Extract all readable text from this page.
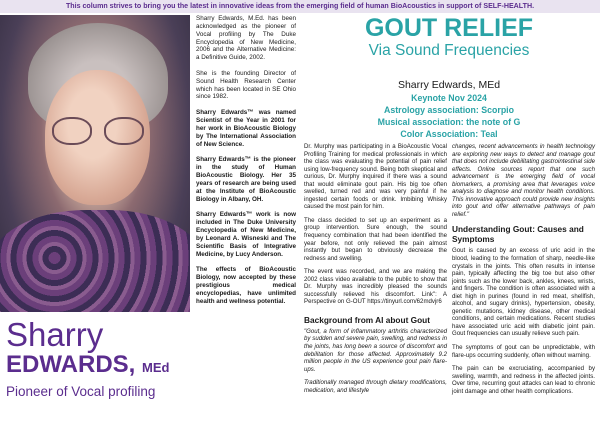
This column strives to bring you the latest in innovative ideas from the emerging field of human BioAcoustics in support of SELF-HEALTH.
Sharry
EDWARDS, MEd
Pioneer of Vocal profiling

Sharry Edwards, M.Ed. has been acknowledged as the pioneer of Vocal profiling by The Duke Encyclopedia of New Medicine, 2006 and the Alternative Medicine: a Definitive Guide, 2002.

She is the founding Director of Sound Health Research Center which has been located in SE Ohio since 1982.

Sharry Edwards™ was named Scientist of the Year in 2001 for her work in BioAcoustic Biology by The International Association of New Science.

Sharry Edwards™ is the pioneer in the study of Human BioAcoustic Biology. Her 35 years of research are being used at the Institute of BioAcoustic Biology in Albany, OH.

Sharry Edwards™ work is now included in The Duke University Encyclopedia of New Medicine, by Leonard A. Wisneski and The Scientific Basis of Integrative Medicine, by Lucy Anderson.

The effects of BioAcoustic Biology, now accepted by these prestigious medical encyclopedias, have unlimited health and wellness potential.

GOUT RELIEF
Via Sound Frequencies
Sharry Edwards, MEd
Keynote Nov 2024
Astrology association: Scorpio
Musical association: the note of G
Color Association: Teal

Dr. Murphy was participating in a BioAcoustic Vocal Profiling Training for medical professionals in which the class was evaluating the potential of pain relief using low-frequency sound. Being both skeptical and curious, Dr. Murphy inquired if there was a sound that would eliminate gout pain. His big toe often swelled, turned red and was very painful if he ingested certain foods or drink. Imbibing Whisky caused the most pain for him.

The class decided to set up an experiment as a group intervention. Sure enough, the sound frequency combination that had been identified the year before, not only relieved the pain almost instantly but began to obviously decrease the redness and swelling.

The event was recorded, and we are making the 2002 class video available to the public to show that Dr. Murphy was incredibly pleased the sounds successfully relieved his discomfort. Link": A Perspective on G-OUT https://tinyurl.com/62mdvjr6

Background from AI about Gout

"Gout, a form of inflammatory arthritis characterized by sudden and severe pain, swelling, and redness in the joints, has long been a source of discomfort and debilitation for those affected. Approximately 9.2 million people in the US experience gout pain flare-ups.

Traditionally managed through dietary modifications, medication, and lifestyle

changes, recent advancements in health technology are exploring new ways to detect and manage gout that does not include debilitating gastrointestinal side effects. Online sources report that one such advancement is the emerging field of vocal biomarkers, a promising area that leverages voice analysis to diagnose and monitor health conditions. This innovative approach could provide new insights into gout and offer alternative pathways of pain relief."

Understanding Gout: Causes and Symptoms

Gout is caused by an excess of uric acid in the blood, leading to the formation of sharp, needle-like crystals in the joints. This often results in intense pain, typically affecting the big toe but also other joints such as the lower back, ankles, knees, wrists, and fingers. The condition is often associated with a diet high in purines (found in red meat, shellfish, alcohol, and sugary drinks), hypertension, obesity, genetic mutations, kidney disease, other medical conditions, and certain medications. Recent studies have associated uric acid with diabetic joint pain. Gout frequencies can usually relieve such pain.

The symptoms of gout can be unpredictable, with flare-ups occurring suddenly, often without warning.

The pain can be excruciating, accompanied by swelling, warmth, and redness in the affected joints. Over time, recurring gout attacks can lead to chronic joint damage and other health complications.
